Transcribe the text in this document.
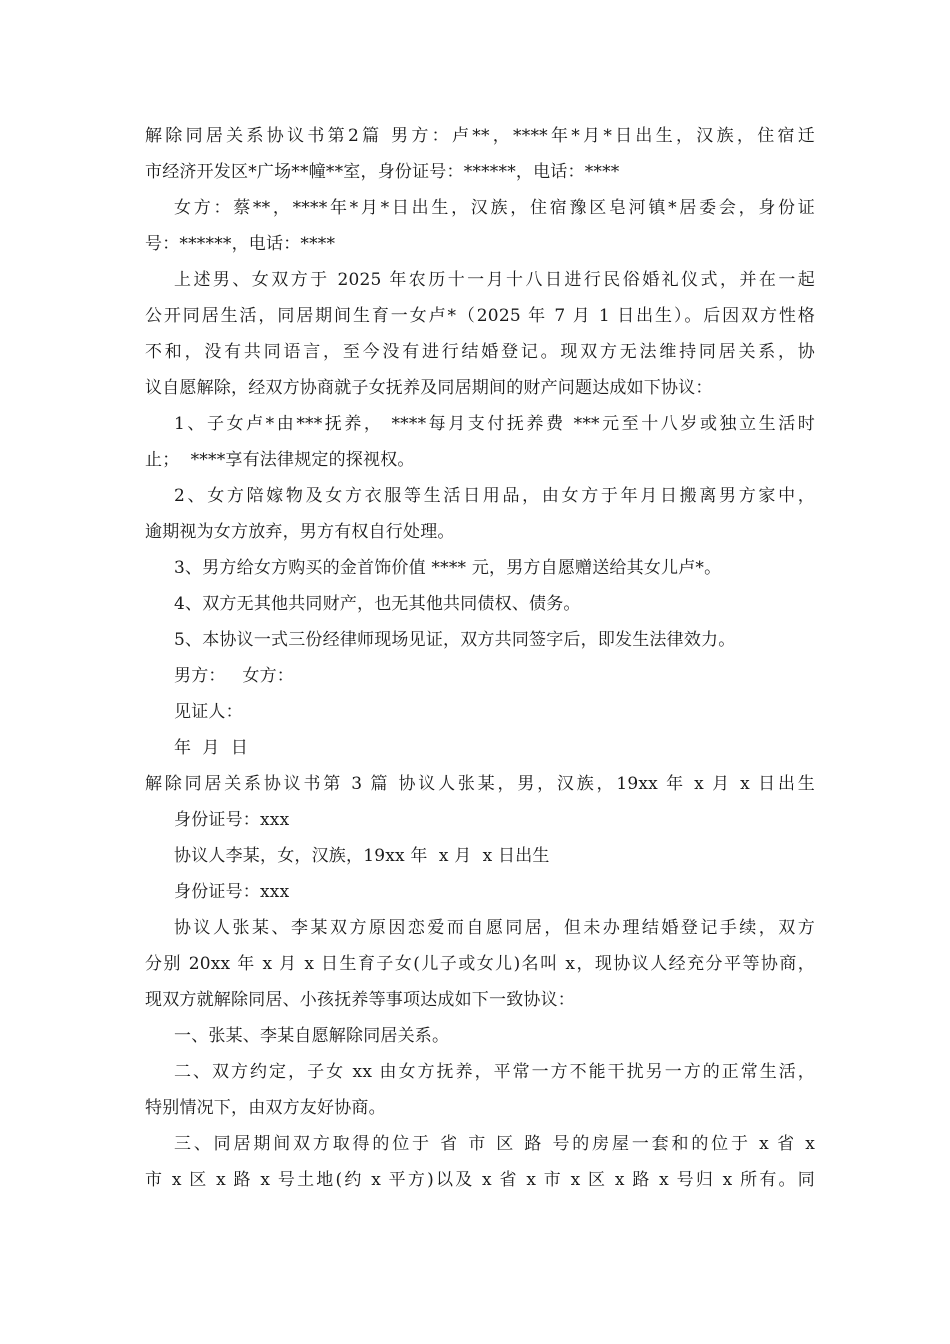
解除同居关系协议书第2篇 男方：卢**，****年*月*日出生，汉族，住宿迁
市经济开发区*广场**幢**室，身份证号：******，电话：****
女方：蔡**，****年*月*日出生，汉族，住宿豫区皂河镇*居委会，身份证
号：******，电话：****
上述男、女双方于 2025 年农历十一月十八日进行民俗婚礼仪式，并在一起
公开同居生活，同居期间生育一女卢*（2025 年 7 月 1 日出生）。后因双方性格
不和，没有共同语言，至今没有进行结婚登记。现双方无法维持同居关系，协
议自愿解除，经双方协商就子女抚养及同居期间的财产问题达成如下协议：
1、子女卢*由***抚养， ****每月支付抚养费 ***元至十八岁或独立生活时
止；  ****享有法律规定的探视权。
2、女方陪嫁物及女方衣服等生活日用品，由女方于年月日搬离男方家中，
逾期视为女方放弃，男方有权自行处理。
3、男方给女方购买的金首饰价值 **** 元，男方自愿赠送给其女儿卢*。
4、双方无其他共同财产，也无其他共同债权、债务。
5、本协议一式三份经律师现场见证，双方共同签字后，即发生法律效力。
男方：   女方：
见证人：
年  月  日
解除同居关系协议书第 3 篇 协议人张某，男，汉族，19xx 年 x 月 x 日出生
身份证号：xxx
协议人李某，女，汉族，19xx 年  x 月  x 日出生
身份证号：xxx
协议人张某、李某双方原因恋爱而自愿同居，但未办理结婚登记手续，双方
分别 20xx 年 x 月 x 日生育子女(儿子或女儿)名叫 x，现协议人经充分平等协商，
现双方就解除同居、小孩抚养等事项达成如下一致协议：
一、张某、李某自愿解除同居关系。
二、双方约定，子女 xx 由女方抚养，平常一方不能干扰另一方的正常生活，
特别情况下，由双方友好协商。
三、同居期间双方取得的位于 省 市 区 路 号的房屋一套和的位于 x 省 x
市 x 区 x 路 x 号土地(约 x 平方)以及 x 省 x 市 x 区 x 路 x 号归 x 所有。同
